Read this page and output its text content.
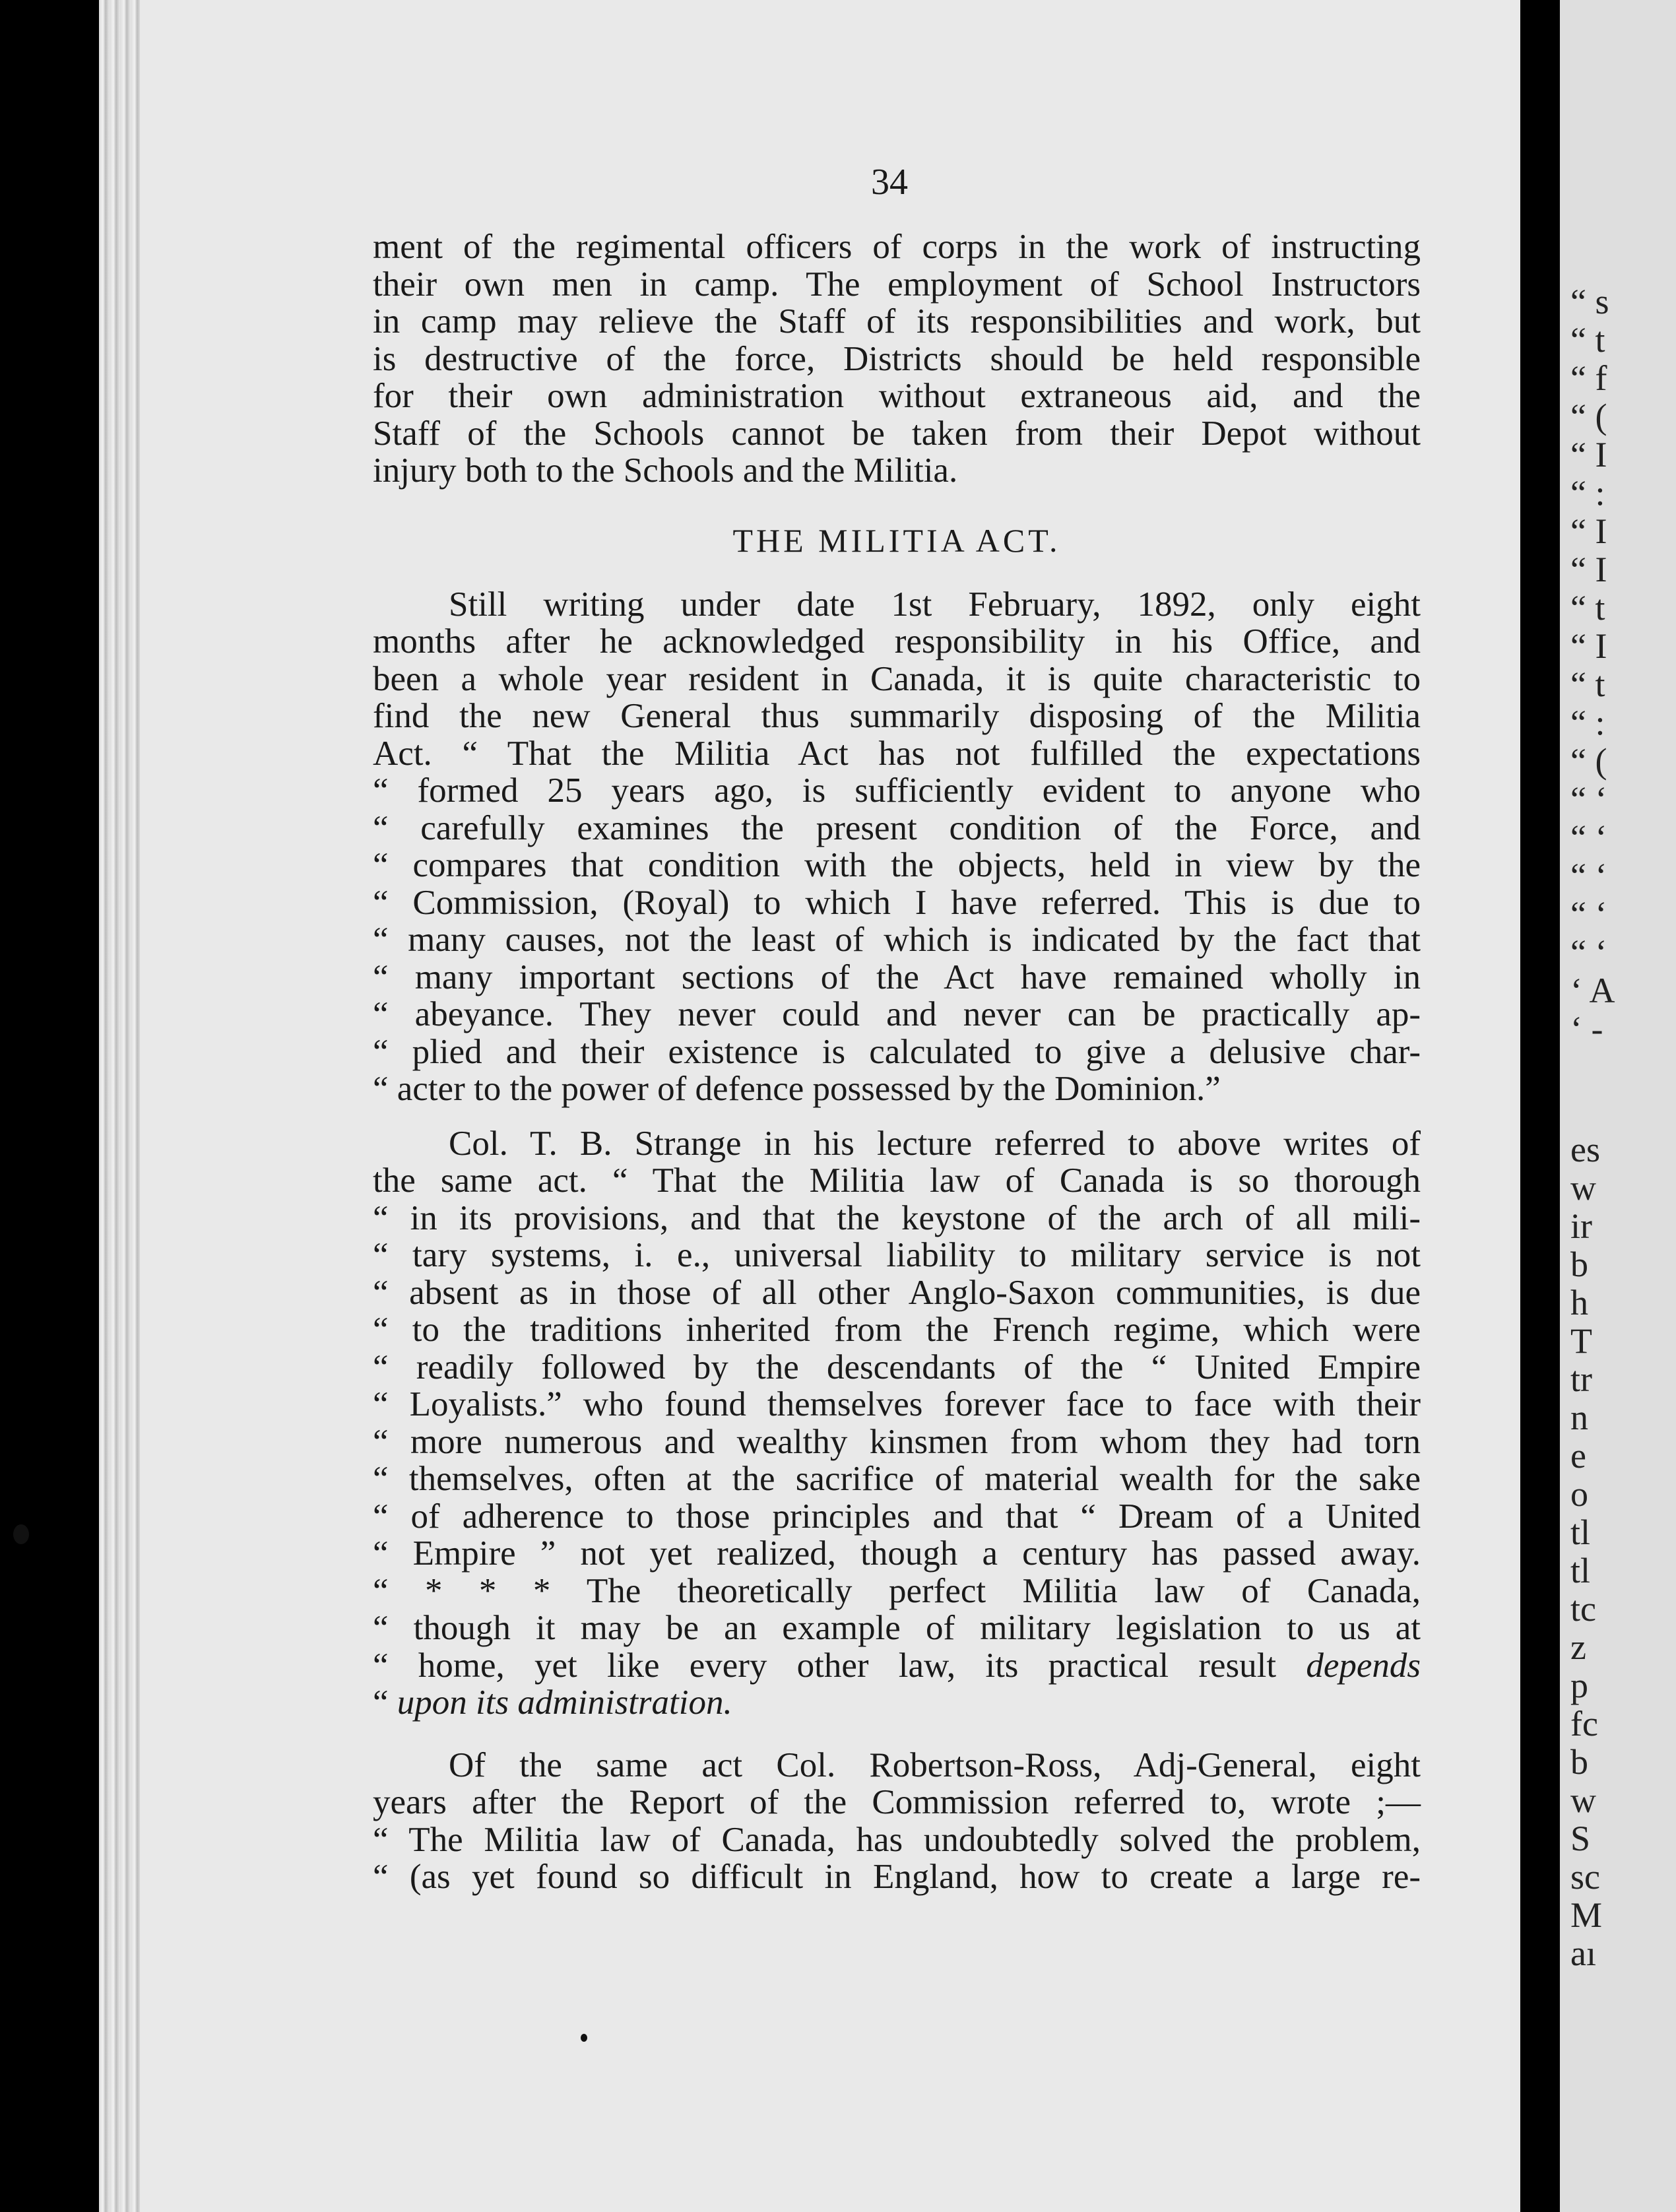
34
ment of the regimental officers of corps in the work of instructing
their own men in camp. The employment of School Instructors
in camp may relieve the Staff of its responsibilities and work, but
is destructive of the force, Districts should be held responsible
for their own administration without extraneous aid, and the
Staff of the Schools cannot be taken from their Depot without
injury both to the Schools and the Militia.
THE MILITIA ACT.
Still writing under date 1st February, 1892, only eight
months after he acknowledged responsibility in his Office, and
been a whole year resident in Canada, it is quite characteristic to
find the new General thus summarily disposing of the Militia
Act. “ That the Militia Act has not fulfilled the expectations
“ formed 25 years ago, is sufficiently evident to anyone who
“ carefully examines the present condition of the Force, and
“ compares that condition with the objects, held in view by the
“ Commission, (Royal) to which I have referred. This is due to
“ many causes, not the least of which is indicated by the fact that
“ many important sections of the Act have remained wholly in
“ abeyance. They never could and never can be practically ap-
“ plied and their existence is calculated to give a delusive char-
“ acter to the power of defence possessed by the Dominion.”
Col. T. B. Strange in his lecture referred to above writes of
the same act. “ That the Militia law of Canada is so thorough
“ in its provisions, and that the keystone of the arch of all mili-
“ tary systems, i. e., universal liability to military service is not
“ absent as in those of all other Anglo-Saxon communities, is due
“ to the traditions inherited from the French regime, which were
“ readily followed by the descendants of the “ United Empire
“ Loyalists.” who found themselves forever face to face with their
“ more numerous and wealthy kinsmen from whom they had torn
“ themselves, often at the sacrifice of material wealth for the sake
“ of adherence to those principles and that “ Dream of a United
“ Empire ” not yet realized, though a century has passed away.
“ * * * The theoretically perfect Militia law of Canada,
“ though it may be an example of military legislation to us at
“ home, yet like every other law, its practical result depends
“ upon its administration.
Of the same act Col. Robertson-Ross, Adj-General, eight
years after the Report of the Commission referred to, wrote ;—
“ The Militia law of Canada, has undoubtedly solved the problem,
“ (as yet found so difficult in England, how to create a large re-
“ s
“ t
“ f
“ (
“ I
“ :
“ I
“ I
“ t
“ I
“ t
“ :
“ (
“ ‘
“ ‘
“ ‘
“ ‘
“ ‘
‘ A
‘ -
es
w
ir
b
h
T
tr
n
e
o
tl
tl
tc
z
p
fc
b
w
S
sc
M
aı
